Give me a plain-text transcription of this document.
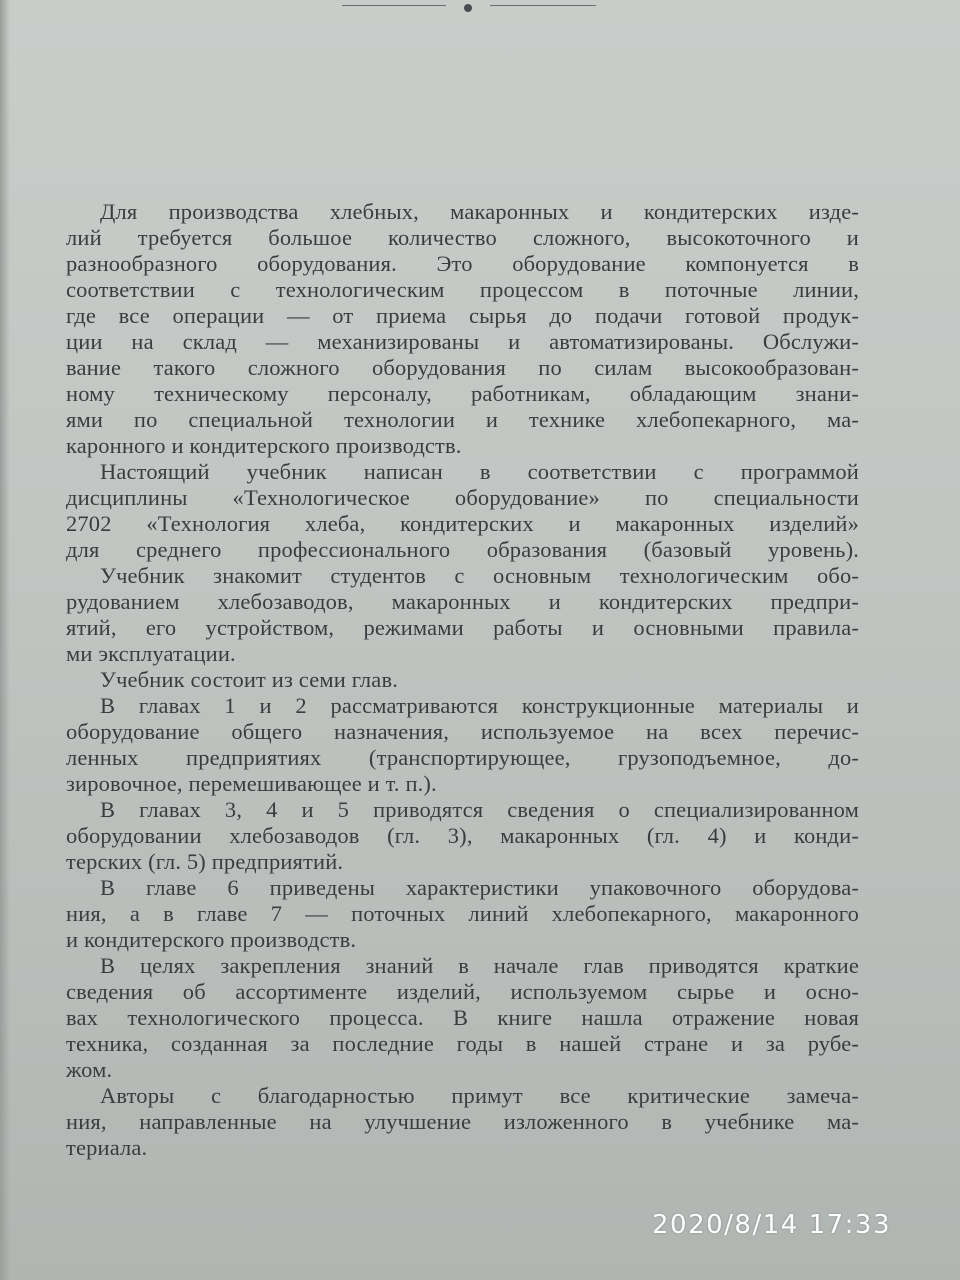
Для производства хлебных, макаронных и кондитерских изде-
лий требуется большое количество сложного, высокоточного и
разнообразного оборудования. Это оборудование компонуется в
соответствии с технологическим процессом в поточные линии,
где все операции — от приема сырья до подачи готовой продук-
ции на склад — механизированы и автоматизированы. Обслужи-
вание такого сложного оборудования по силам высокообразован-
ному техническому персоналу, работникам, обладающим знани-
ями по специальной технологии и технике хлебопекарного, ма-
каронного и кондитерского производств.
Настоящий учебник написан в соответствии с программой
дисциплины «Технологическое оборудование» по специальности
2702 «Технология хлеба, кондитерских и макаронных изделий»
для среднего профессионального образования (базовый уровень).
Учебник знакомит студентов с основным технологическим обо-
рудованием хлебозаводов, макаронных и кондитерских предпри-
ятий, его устройством, режимами работы и основными правила-
ми эксплуатации.
Учебник состоит из семи глав.
В главах 1 и 2 рассматриваются конструкционные материалы и
оборудование общего назначения, используемое на всех перечис-
ленных предприятиях (транспортирующее, грузоподъемное, до-
зировочное, перемешивающее и т. п.).
В главах 3, 4 и 5 приводятся сведения о специализированном
оборудовании хлебозаводов (гл. 3), макаронных (гл. 4) и конди-
терских (гл. 5) предприятий.
В главе 6 приведены характеристики упаковочного оборудова-
ния, а в главе 7 — поточных линий хлебопекарного, макаронного
и кондитерского производств.
В целях закрепления знаний в начале глав приводятся краткие
сведения об ассортименте изделий, используемом сырье и осно-
вах технологического процесса. В книге нашла отражение новая
техника, созданная за последние годы в нашей стране и за рубе-
жом.
Авторы с благодарностью примут все критические замеча-
ния, направленные на улучшение изложенного в учебнике ма-
териала.
2020/8/14 17:33
